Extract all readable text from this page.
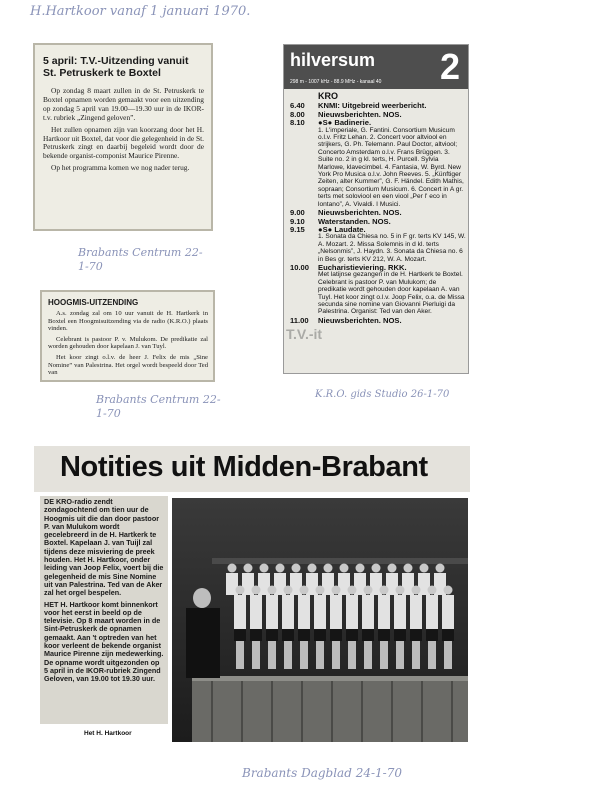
H.Hartkoor vanaf 1 januari 1970.
5 april: T.V.-Uitzending vanuit St. Petruskerk te Boxtel

Op zondag 8 maart zullen in de St. Petruskerk te Boxtel opnamen worden gemaakt voor een uitzending op zondag 5 april van 19.00—19.30 uur in de IKOR-t.v. rubriek „Zingend geloven”.

Het zullen opnamen zijn van koorzang door het H. Hartkoor uit Boxtel, dat voor die gelegenheid in de St. Petruskerk zingt en daarbij begeleid wordt door de bekende organist-componist Maurice Pirenne.

Op het programma komen we nog nader terug.

Brabants Centrum 22-1-70
HOOGMIS-UITZENDING

A.s. zondag zal om 10 uur vanuit de H. Hartkerk in Boxtel een Hoogmisuitzending via de radio (K.R.O.) plaats vinden.

Celebrant is pastoor P. v. Mulukom. De predikatie zal worden gehouden door kapelaan J. van Tuyl.

Het koor zingt o.l.v. de heer J. Felix de mis „Sine Nomine” van Palestrina. Het orgel wordt bespeeld door Ted van

Brabants Centrum 22-1-70
hilversum 2
298 m - 1007 kHz - 88.9 MHz - kanaal 40
KRO
6.40	KNMI: Uitgebreid weerbericht.
8.00	Nieuwsberichten. NOS.
8.10	●S● Badinerie.
1. L'imperiale, G. Fantini. Consortium Musicum o.l.v. Fritz Lehan. 2. Concert voor altviool en strijkers, G. Ph. Telemann. Paul Doctor, altviool; Concerto Amsterdam o.l.v. Frans Brüggen. 3. Suite no. 2 in g kl. terts, H. Purcell. Sylvia Marlowe, klavecimbel. 4. Fantasia, W. Byrd. New York Pro Musica o.l.v. John Reeves. 5. „Künftiger Zeiten, alter Kummer”, G. F. Händel. Edith Mathis, sopraan; Consortium Musicum. 6. Concert in A gr. terts met soloviool en een viool „Per l' eco in lontano”, A. Vivaldi. I Musici.
9.00	Nieuwsberichten. NOS.
9.10	Waterstanden. NOS.
9.15	●S● Laudate.
1. Sonata da Chiesa no. 5 in F gr. terts KV 145, W. A. Mozart. 2. Missa Solemnis in d kl. terts „Nelsonmis”, J. Haydn. 3. Sonata da Chiesa no. 6 in Bes gr. terts KV 212, W. A. Mozart.
10.00	Eucharistieviering. RKK.
Met latijnse gezangen in de H. Hartkerk te Boxtel. Celebrant is pastoor P. van Mulukom; de predikatie wordt gehouden door kapelaan A. van Tuyl. Het koor zingt o.l.v. Joop Felix, o.a. de Missa secunda sine nomine van Giovanni Pierluigi da Palestrina. Organist: Ted van den Aker.
11.00	Nieuwsberichten. NOS.
T.V.-it
K.R.O. gids Studio 26-1-70
Notities uit Midden-Brabant

DE KRO-radio zendt zondagochtend om tien uur de Hoogmis uit die dan door pastoor P. van Mulukom wordt gecelebreerd in de H. Hartkerk te Boxtel. Kapelaan J. van Tuijl zal tijdens deze misviering de preek houden. Het H. Hartkoor, onder leiding van Joop Felix, voert bij die gelegenheid de mis Sine Nomine uit van Palestrina. Ted van de Aker zal het orgel bespelen.

HET H. Hartkoor komt binnenkort voor het eerst in beeld op de televisie. Op 8 maart worden in de Sint-Petruskerk de opnamen gemaakt. Aan 't optreden van het koor verleent de bekende organist Maurice Pirenne zijn medewerking. De opname wordt uitgezonden op 5 april in de IKOR-rubriek Zingend Geloven, van 19.00 tot 19.30 uur.

Het H. Hartkoor
Brabants Dagblad 24-1-70
